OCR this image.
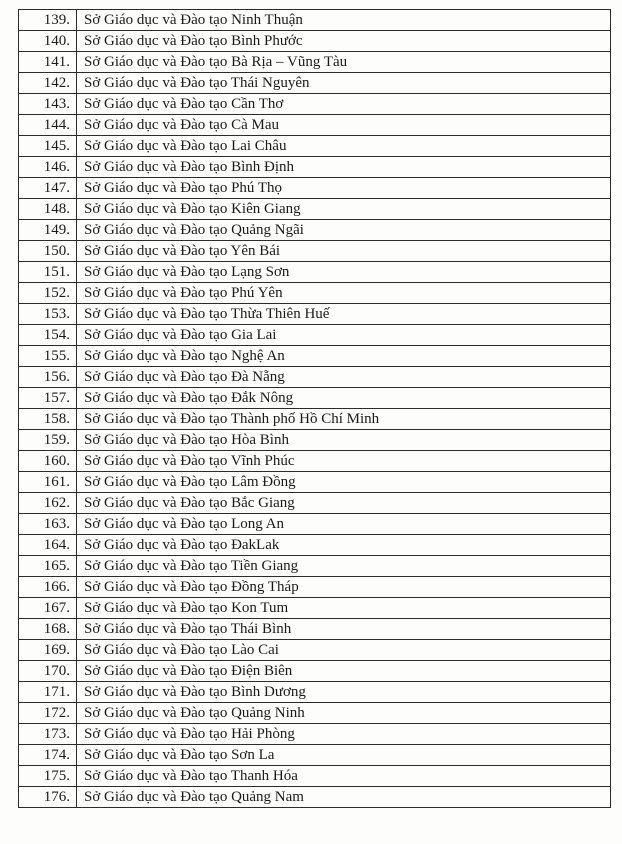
139.	Sở Giáo dục và Đào tạo Ninh Thuận
140.	Sở Giáo dục và Đào tạo Bình Phước
141.	Sở Giáo dục và Đào tạo Bà Rịa – Vũng Tàu
142.	Sở Giáo dục và Đào tạo Thái Nguyên
143.	Sở Giáo dục và Đào tạo Cần Thơ
144.	Sở Giáo dục và Đào tạo Cà Mau
145.	Sở Giáo dục và Đào tạo Lai Châu
146.	Sở Giáo dục và Đào tạo Bình Định
147.	Sở Giáo dục và Đào tạo Phú Thọ
148.	Sở Giáo dục và Đào tạo Kiên Giang
149.	Sở Giáo dục và Đào tạo Quảng Ngãi
150.	Sở Giáo dục và Đào tạo Yên Bái
151.	Sở Giáo dục và Đào tạo Lạng Sơn
152.	Sở Giáo dục và Đào tạo Phú Yên
153.	Sở Giáo dục và Đào tạo Thừa Thiên Huế
154.	Sở Giáo dục và Đào tạo Gia Lai
155.	Sở Giáo dục và Đào tạo Nghệ An
156.	Sở Giáo dục và Đào tạo Đà Nẵng
157.	Sở Giáo dục và Đào tạo Đắk Nông
158.	Sở Giáo dục và Đào tạo Thành phố Hồ Chí Minh
159.	Sở Giáo dục và Đào tạo Hòa Bình
160.	Sở Giáo dục và Đào tạo Vĩnh Phúc
161.	Sở Giáo dục và Đào tạo Lâm Đồng
162.	Sở Giáo dục và Đào tạo Bắc Giang
163.	Sở Giáo dục và Đào tạo Long An
164.	Sở Giáo dục và Đào tạo ĐakLak
165.	Sở Giáo dục và Đào tạo Tiền Giang
166.	Sở Giáo dục và Đào tạo Đồng Tháp
167.	Sở Giáo dục và Đào tạo Kon Tum
168.	Sở Giáo dục và Đào tạo Thái Bình
169.	Sở Giáo dục và Đào tạo Lào Cai
170.	Sở Giáo dục và Đào tạo Điện Biên
171.	Sở Giáo dục và Đào tạo Bình Dương
172.	Sở Giáo dục và Đào tạo Quảng Ninh
173.	Sở Giáo dục và Đào tạo Hải Phòng
174.	Sở Giáo dục và Đào tạo Sơn La
175.	Sở Giáo dục và Đào tạo Thanh Hóa
176.	Sở Giáo dục và Đào tạo Quảng Nam
